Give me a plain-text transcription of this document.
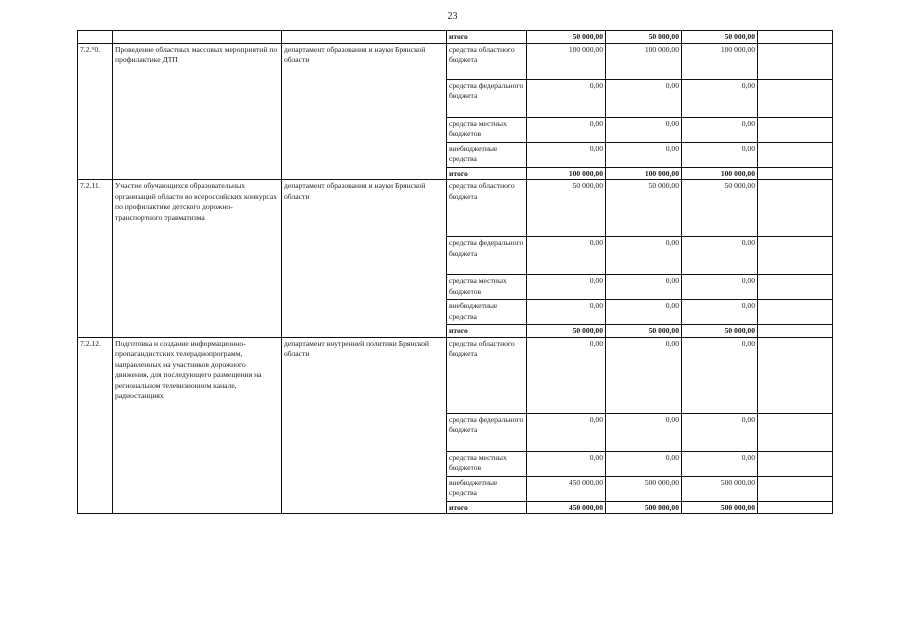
23
			итого	50 000,00	50 000,00	50 000,00	
7.2.°0.	Проведение областных массовых мероприятий по профилактике ДТП	департамент образования и науки Брянской области	средства областного бюджета	100 000,00	100 000,00	100 000,00	
			средства федерального бюджета	0,00	0,00	0,00	
			средства местных бюджетов	0,00	0,00	0,00	
			внебюджетные средства	0,00	0,00	0,00	
			итого	100 000,00	100 000,00	100 000,00	
7.2.11.	Участие обучающихся образовательных организаций области во всероссийских конкурсах по профилактике детского дорожно-транспортного травматизма	департамент образования и науки Брянской области	средства областного бюджета	50 000,00	50 000,00	50 000,00	
			средства федерального бюджета	0,00	0,00	0,00	
			средства местных бюджетов	0,00	0,00	0,00	
			внебюджетные средства	0,00	0,00	0,00	
			итого	50 000,00	50 000,00	50 000,00	
7.2.12.	Подготовка и создание информационно-пропагандистских телерадиопрограмм, направленных на участников дорожного движения, для последующего размещения на региональном телевизионном канале, радиостанциях	департамент внутренней политики Брянской области	средства областного бюджета	0,00	0,00	0,00	
			средства федерального бюджета	0,00	0,00	0,00	
			средства местных бюджетов	0,00	0,00	0,00	
			внебюджетные средства	450 000,00	500 000,00	500 000,00	
			итого	450 000,00	500 000,00	500 000,00	
